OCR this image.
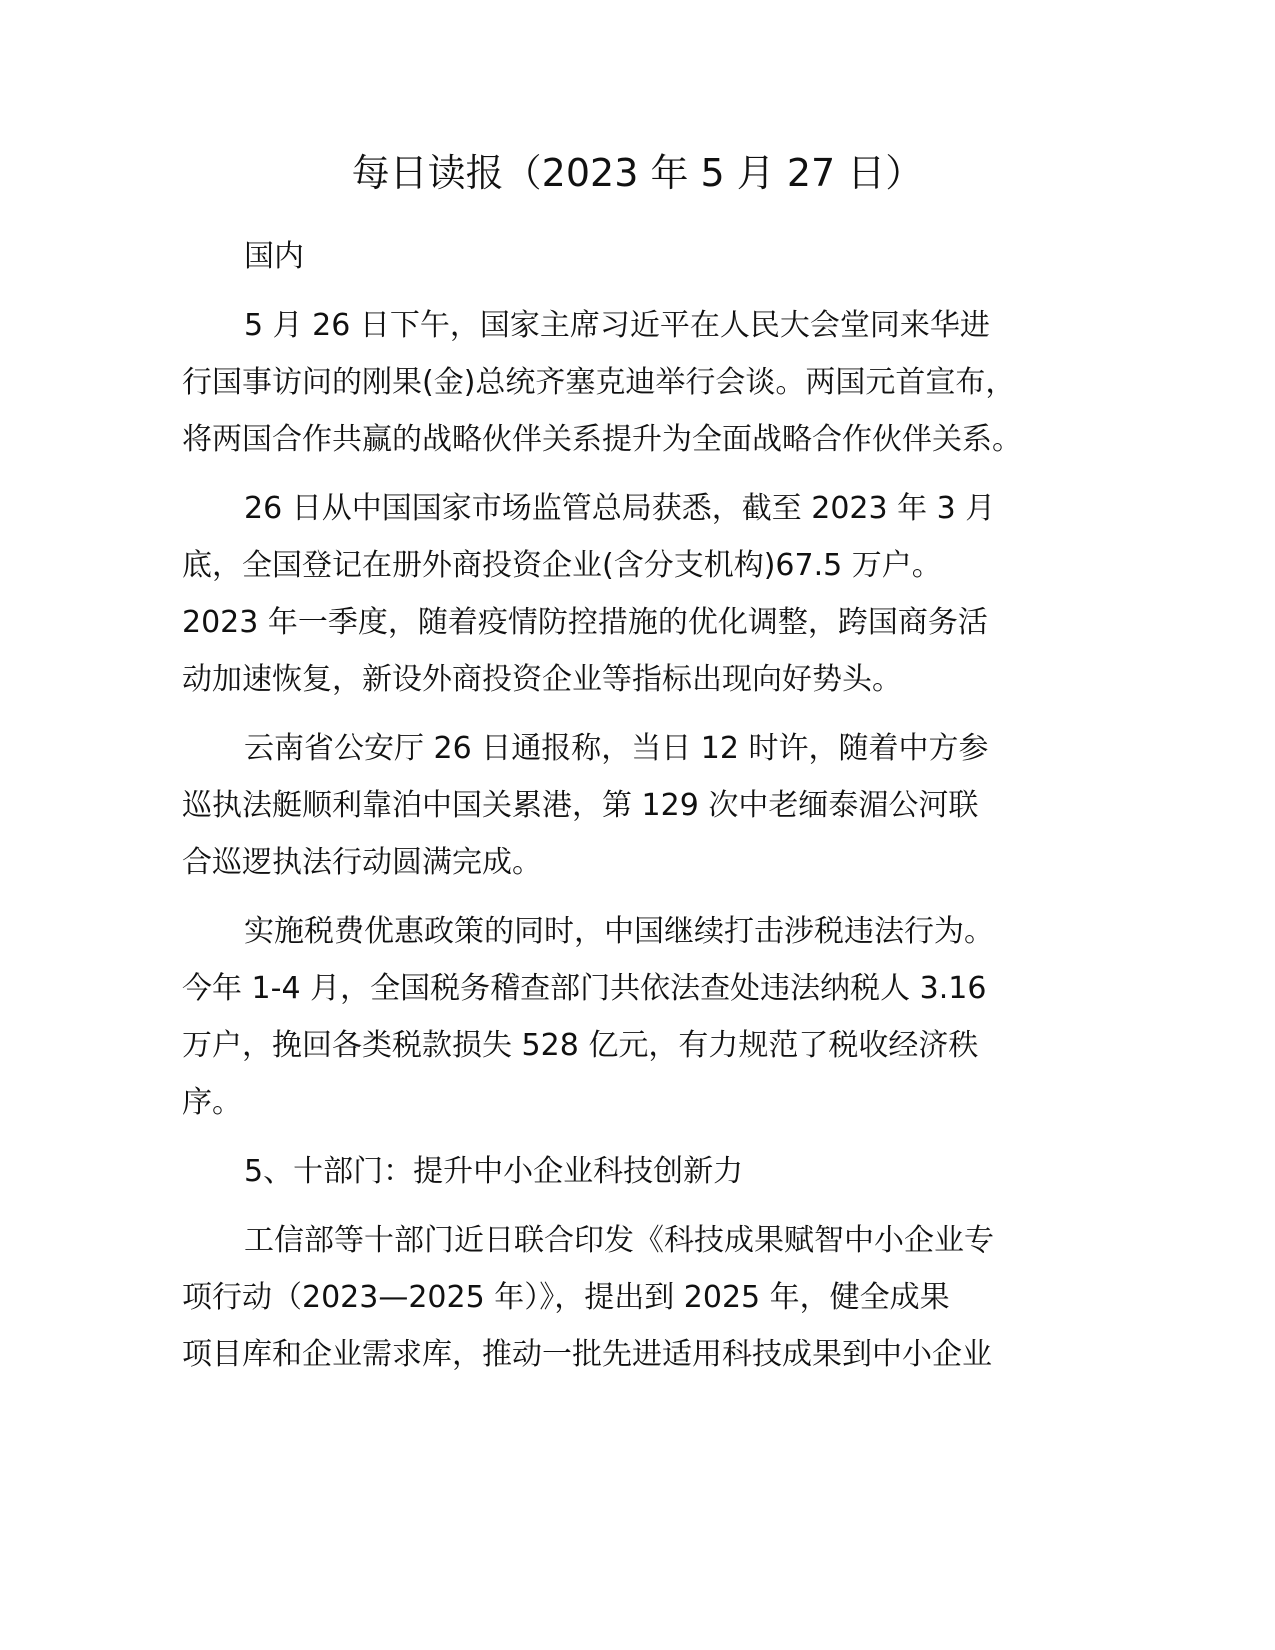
每日读报（2023 年 5 月 27 日）

国内

5 月 26 日下午，国家主席习近平在人民大会堂同来华进
行国事访问的刚果(金)总统齐塞克迪举行会谈。两国元首宣布，
将两国合作共赢的战略伙伴关系提升为全面战略合作伙伴关系。

26 日从中国国家市场监管总局获悉，截至 2023 年 3 月
底，全国登记在册外商投资企业(含分支机构)67.5 万户。
2023 年一季度，随着疫情防控措施的优化调整，跨国商务活
动加速恢复，新设外商投资企业等指标出现向好势头。

云南省公安厅 26 日通报称，当日 12 时许，随着中方参
巡执法艇顺利靠泊中国关累港，第 129 次中老缅泰湄公河联
合巡逻执法行动圆满完成。

实施税费优惠政策的同时，中国继续打击涉税违法行为。
今年 1-4 月，全国税务稽查部门共依法查处违法纳税人 3.16
万户，挽回各类税款损失 528 亿元，有力规范了税收经济秩
序。

5、十部门：提升中小企业科技创新力

工信部等十部门近日联合印发《科技成果赋智中小企业专
项行动（2023—2025 年）》，提出到 2025 年，健全成果
项目库和企业需求库，推动一批先进适用科技成果到中小企业
